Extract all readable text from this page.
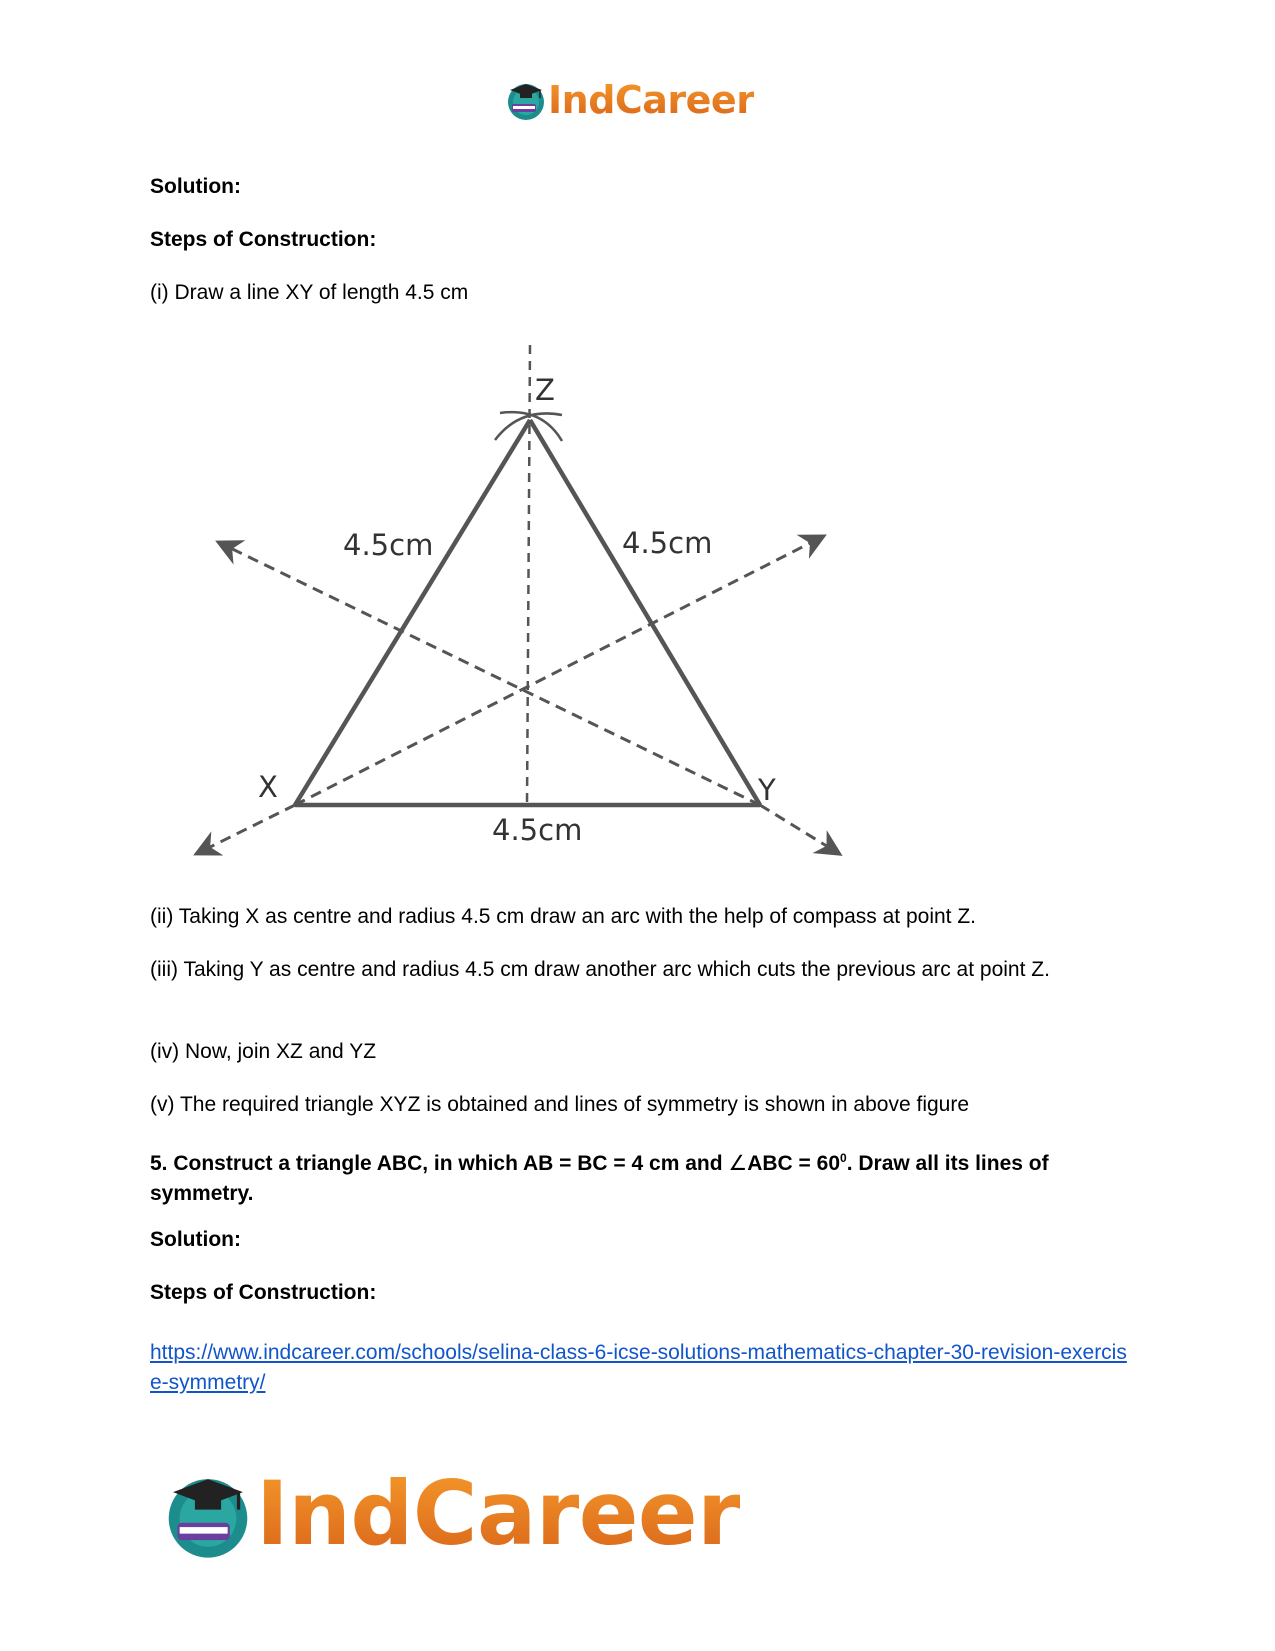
IndCareer
Solution:
Steps of Construction:
(i) Draw a line XY of length 4.5 cm
Z
X	Y
4.5cm	4.5cm
4.5cm
(ii) Taking X as centre and radius 4.5 cm draw an arc with the help of compass at point Z.
(iii) Taking Y as centre and radius 4.5 cm draw another arc which cuts the previous arc at point Z.
(iv) Now, join XZ and YZ
(v) The required triangle XYZ is obtained and lines of symmetry is shown in above figure
5. Construct a triangle ABC, in which AB = BC = 4 cm and ∠ABC = $60^0$. Draw all its lines of symmetry.
Solution:
Steps of Construction:
https://www.indcareer.com/schools/selina-class-6-icse-solutions-mathematics-chapter-30-revision-exercise-symmetry/
IndCareer
